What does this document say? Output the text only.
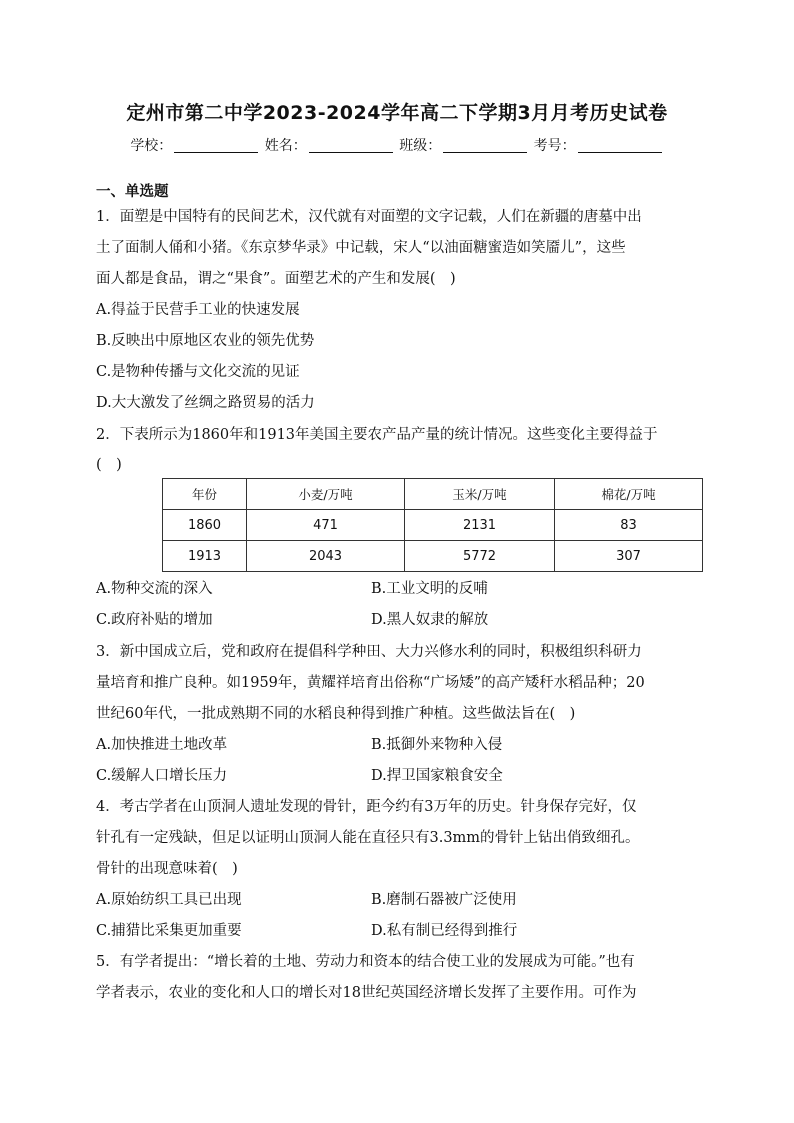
定州市第二中学2023-2024学年高二下学期3月月考历史试卷
学校：	姓名：	班级：	考号：
一、单选题
1．面塑是中国特有的民间艺术，汉代就有对面塑的文字记载，人们在新疆的唐墓中出
土了面制人俑和小猪。《东京梦华录》中记载，宋人“以油面糖蜜造如笑靥儿”，这些
面人都是食品，谓之“果食”。面塑艺术的产生和发展(　)
A.得益于民营手工业的快速发展
B.反映出中原地区农业的领先优势
C.是物种传播与文化交流的见证
D.大大激发了丝绸之路贸易的活力
2．下表所示为1860年和1913年美国主要农产品产量的统计情况。这些变化主要得益于
(　)
年份	小麦/万吨	玉米/万吨	棉花/万吨
1860	471	2131	83
1913	2043	5772	307
A.物种交流的深入	B.工业文明的反哺
C.政府补贴的增加	D.黑人奴隶的解放
3．新中国成立后，党和政府在提倡科学种田、大力兴修水利的同时，积极组织科研力
量培育和推广良种。如1959年，黄耀祥培育出俗称“广场矮”的高产矮秆水稻品种；20
世纪60年代，一批成熟期不同的水稻良种得到推广种植。这些做法旨在(　)
A.加快推进土地改革	B.抵御外来物种入侵
C.缓解人口增长压力	D.捍卫国家粮食安全
4．考古学者在山顶洞人遗址发现的骨针，距今约有3万年的历史。针身保存完好，仅
针孔有一定残缺，但足以证明山顶洞人能在直径只有3.3mm的骨针上钻出俏致细孔。
骨针的出现意味着(　)
A.原始纺织工具已出现	B.磨制石器被广泛使用
C.捕猎比采集更加重要	D.私有制已经得到推行
5．有学者提出：“增长着的土地、劳动力和资本的结合使工业的发展成为可能。”也有
学者表示，农业的变化和人口的增长对18世纪英国经济增长发挥了主要作用。可作为
